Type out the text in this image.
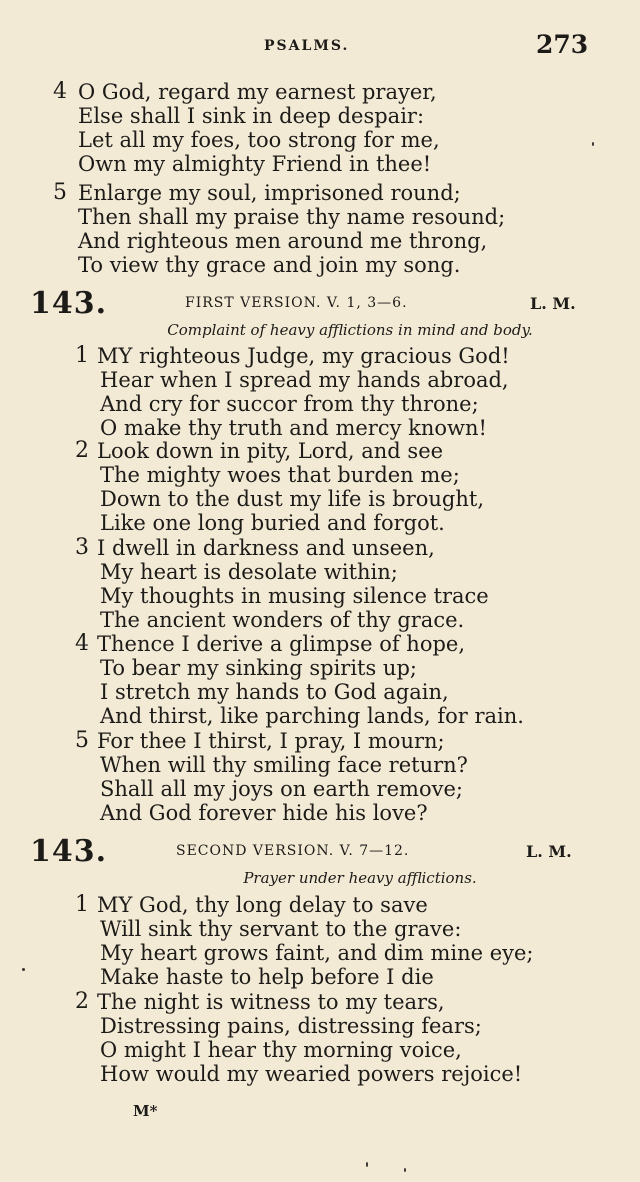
PSALMS.	273
4 O God, regard my earnest prayer,
Else shall I sink in deep despair:
Let all my foes, too strong for me,
Own my almighty Friend in thee!
5 Enlarge my soul, imprisoned round;
Then shall my praise thy name resound;
And righteous men around me throng,
To view thy grace and join my song.
143.	FIRST VERSION. V. 1, 3—6.	L. M.
Complaint of heavy afflictions in mind and body.
1 MY righteous Judge, my gracious God!
Hear when I spread my hands abroad,
And cry for succor from thy throne;
O make thy truth and mercy known!
2 Look down in pity, Lord, and see
The mighty woes that burden me;
Down to the dust my life is brought,
Like one long buried and forgot.
3 I dwell in darkness and unseen,
My heart is desolate within;
My thoughts in musing silence trace
The ancient wonders of thy grace.
4 Thence I derive a glimpse of hope,
To bear my sinking spirits up;
I stretch my hands to God again,
And thirst, like parching lands, for rain.
5 For thee I thirst, I pray, I mourn;
When will thy smiling face return?
Shall all my joys on earth remove;
And God forever hide his love?
143.	SECOND VERSION. V. 7—12.	L. M.
Prayer under heavy afflictions.
1 MY God, thy long delay to save
Will sink thy servant to the grave:
My heart grows faint, and dim mine eye;
Make haste to help before I die
2 The night is witness to my tears,
Distressing pains, distressing fears;
O might I hear thy morning voice,
How would my wearied powers rejoice!
M*
